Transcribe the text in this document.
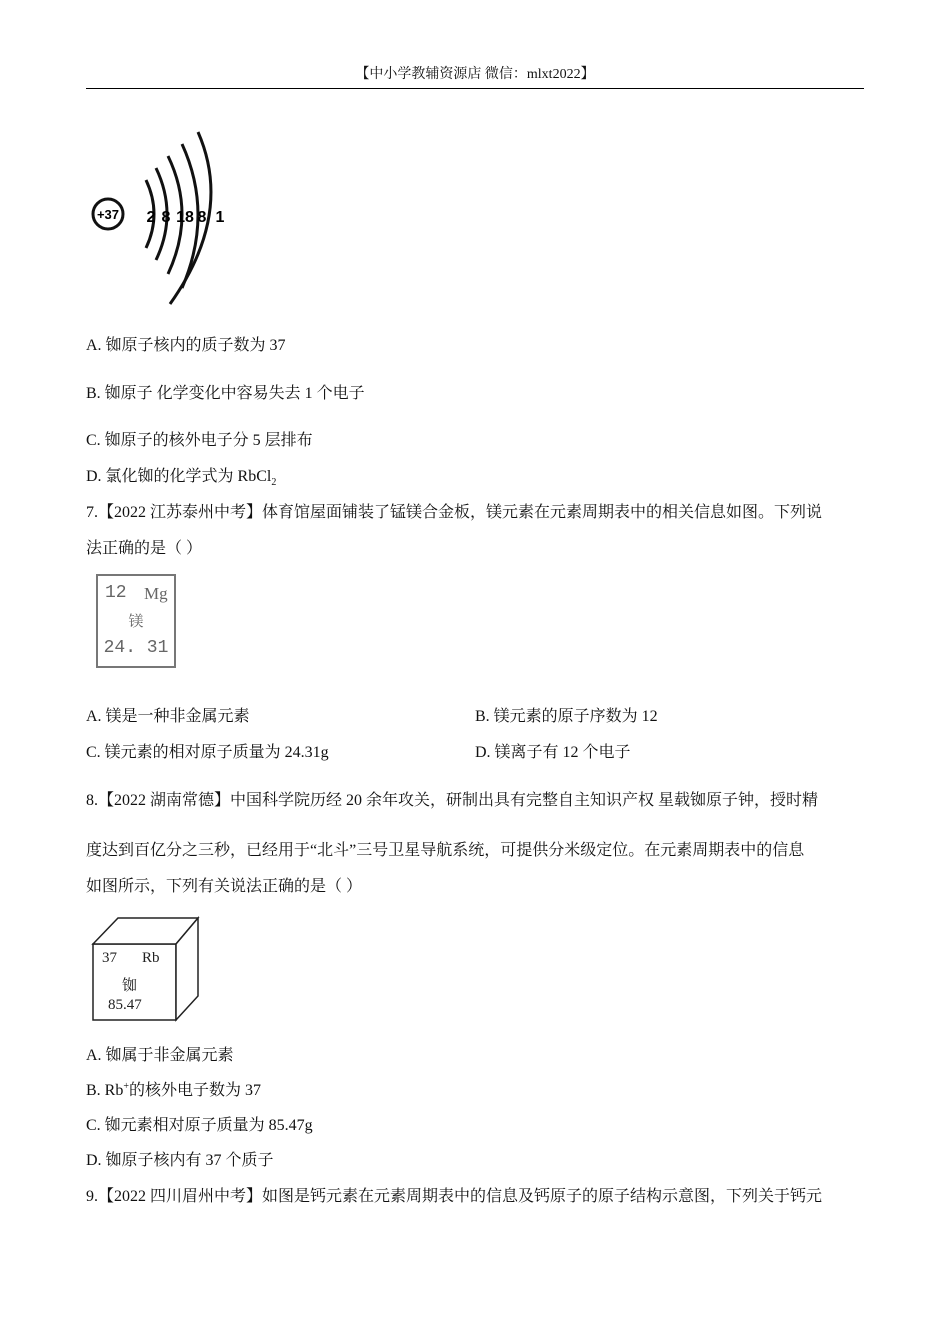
【中小学教辅资源店 微信：mlxt2022】
+37 2 8 18 8 1
A. 铷原子核内的质子数为 37
B. 铷原子 化学变化中容易失去 1 个电子
C. 铷原子的核外电子分 5 层排布
D. 氯化铷的化学式为 RbCl$_2$
7.【2022 江苏泰州中考】体育馆屋面铺装了锰镁合金板，镁元素在元素周期表中的相关信息如图。下列说
法正确的是（ ）
12 Mg
镁
24. 31
A. 镁是一种非金属元素	B. 镁元素的原子序数为 12
C. 镁元素的相对原子质量为 24.31g	D. 镁离子有 12 个电子
8.【2022 湖南常德】中国科学院历经 20 余年攻关，研制出具有完整自主知识产权 星载铷原子钟，授时精
度达到百亿分之三秒，已经用于“北斗”三号卫星导航系统，可提供分米级定位。在元素周期表中的信息
如图所示，下列有关说法正确的是（ ）
37 Rb
铷
85.47
A. 铷属于非金属元素
B. Rb+的核外电子数为 37
C. 铷元素相对原子质量为 85.47g
D. 铷原子核内有 37 个质子
9.【2022 四川眉州中考】如图是钙元素在元素周期表中的信息及钙原子的原子结构示意图，下列关于钙元
